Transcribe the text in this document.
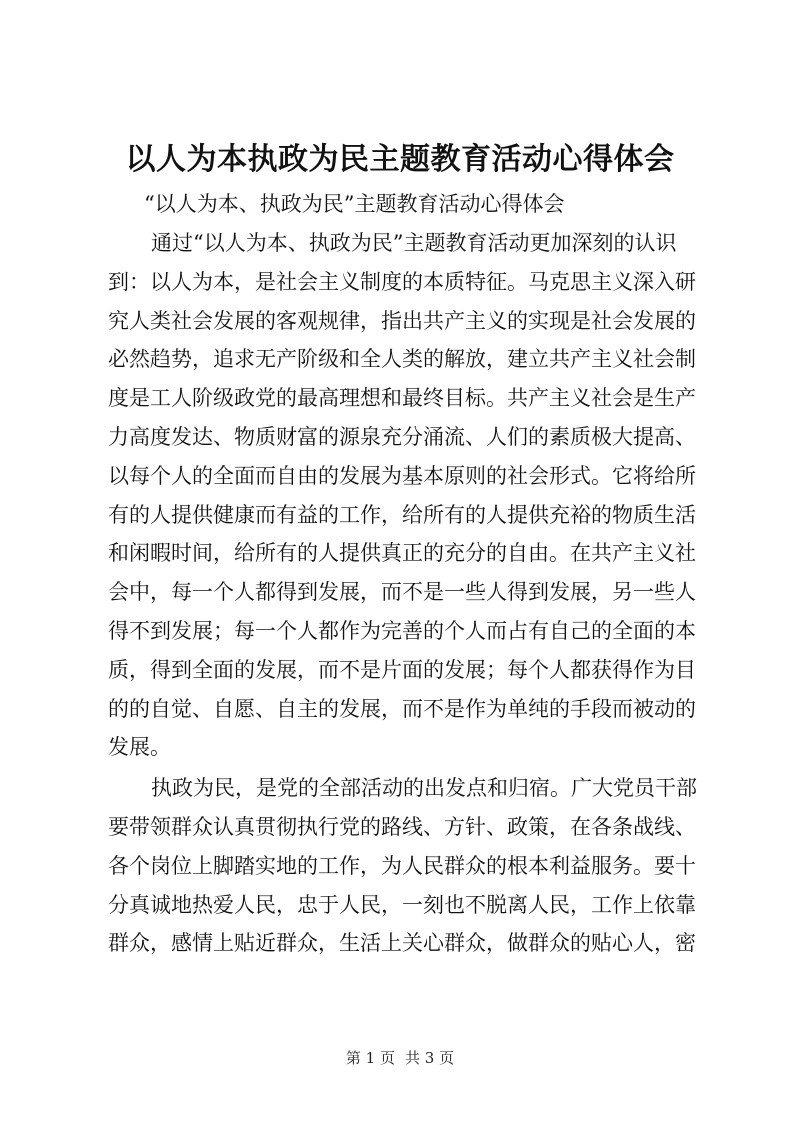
以人为本执政为民主题教育活动心得体会

“以人为本、执政为民”主题教育活动心得体会

通过“以人为本、执政为民”主题教育活动更加深刻的认识
到：以人为本，是社会主义制度的本质特征。马克思主义深入研
究人类社会发展的客观规律，指出共产主义的实现是社会发展的
必然趋势，追求无产阶级和全人类的解放，建立共产主义社会制
度是工人阶级政党的最高理想和最终目标。共产主义社会是生产
力高度发达、物质财富的源泉充分涌流、人们的素质极大提高、
以每个人的全面而自由的发展为基本原则的社会形式。它将给所
有的人提供健康而有益的工作，给所有的人提供充裕的物质生活
和闲暇时间，给所有的人提供真正的充分的自由。在共产主义社
会中，每一个人都得到发展，而不是一些人得到发展，另一些人
得不到发展；每一个人都作为完善的个人而占有自己的全面的本
质，得到全面的发展，而不是片面的发展；每个人都获得作为目
的的自觉、自愿、自主的发展，而不是作为单纯的手段而被动的
发展。

执政为民，是党的全部活动的出发点和归宿。广大党员干部
要带领群众认真贯彻执行党的路线、方针、政策，在各条战线、
各个岗位上脚踏实地的工作，为人民群众的根本利益服务。要十
分真诚地热爱人民，忠于人民，一刻也不脱离人民，工作上依靠
群众，感情上贴近群众，生活上关心群众，做群众的贴心人，密

第 1 页 共 3 页
